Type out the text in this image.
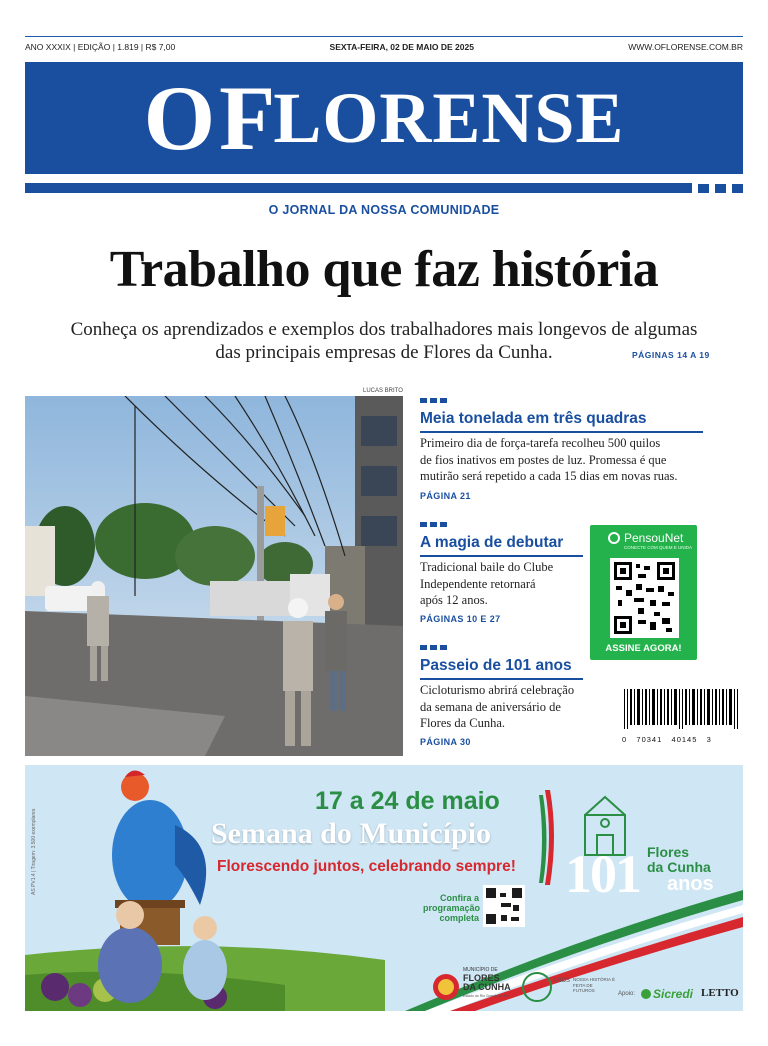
ANO XXXIX | EDIÇÃO | 1.819 | R$ 7,00	SEXTA-FEIRA, 02 DE MAIO DE 2025	WWW.OFLORENSE.COM.BR
O F LORENSE
O JORNAL DA NOSSA COMUNIDADE
Trabalho que faz história
Conheça os aprendizados e exemplos dos trabalhadores mais longevos de algumas
das principais empresas de Flores da Cunha.	PÁGINAS 14 A 19
LUCAS BRITO
Meia tonelada em três quadras
Primeiro dia de força-tarefa recolheu 500 quilos
de fios inativos em postes de luz. Promessa é que
mutirão será repetido a cada 15 dias em novas ruas.
PÁGINA 21
A magia de debutar
Tradicional baile do Clube
Independente retornará
após 12 anos.
PÁGINAS 10 E 27
Passeio de 101 anos
Cicloturismo abrirá celebração
da semana de aniversário de
Flores da Cunha.
PÁGINA 30
PensouNet
CONECTE COM QUEM E UNIDA
ASSINE AGORA!
0   70341   40145   3
AS PV1.4 | Tiragem: 3.500 exemplares
17 a 24 de maio
Semana do Município
Florescendo juntos, celebrando sempre!
Confira a programação completa
101 Flores
da Cunha
anos
MUNICÍPIO DE
FLORES DA CUNHA
Estado do Rio Grande do Sul
ANOS NOSSA HISTÓRIA É FEITA DE FUTUROS
Apoio: Sicredi LETTO
